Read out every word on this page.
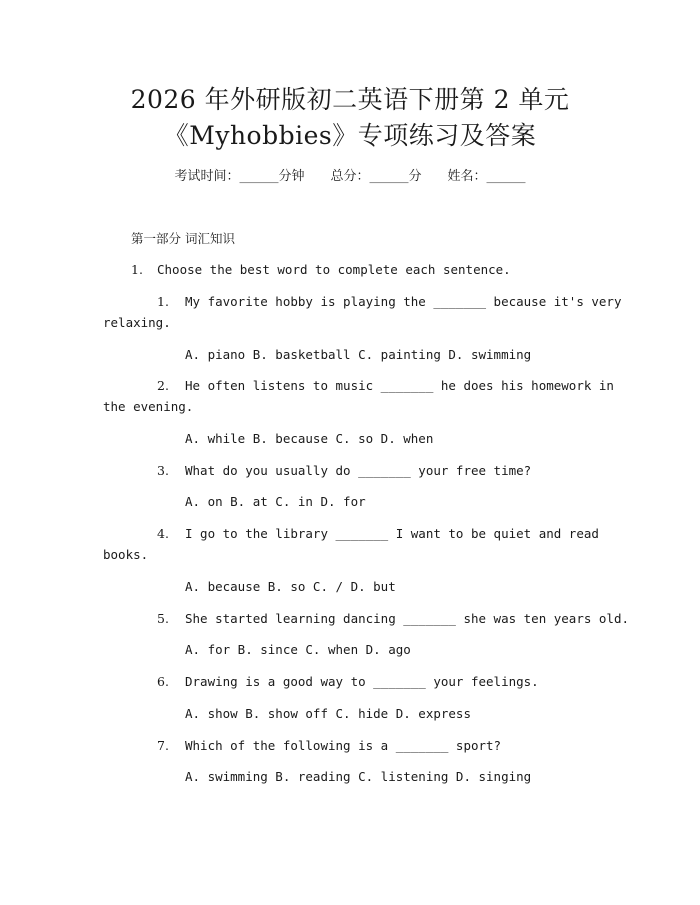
2026 年外研版初二英语下册第 2 单元
《Myhobbies》专项练习及答案
考试时间：______分钟　　总分：______分　　姓名：______
第一部分 词汇知识
1. Choose the best word to complete each sentence.
1. My favorite hobby is playing the _______ because it's very
relaxing.
A. piano B. basketball C. painting D. swimming
2. He often listens to music _______ he does his homework in
the evening.
A. while B. because C. so D. when
3. What do you usually do _______ your free time?
A. on B. at C. in D. for
4. I go to the library _______ I want to be quiet and read
books.
A. because B. so C. / D. but
5. She started learning dancing _______ she was ten years old.
A. for B. since C. when D. ago
6. Drawing is a good way to _______ your feelings.
A. show B. show off C. hide D. express
7. Which of the following is a _______ sport?
A. swimming B. reading C. listening D. singing
